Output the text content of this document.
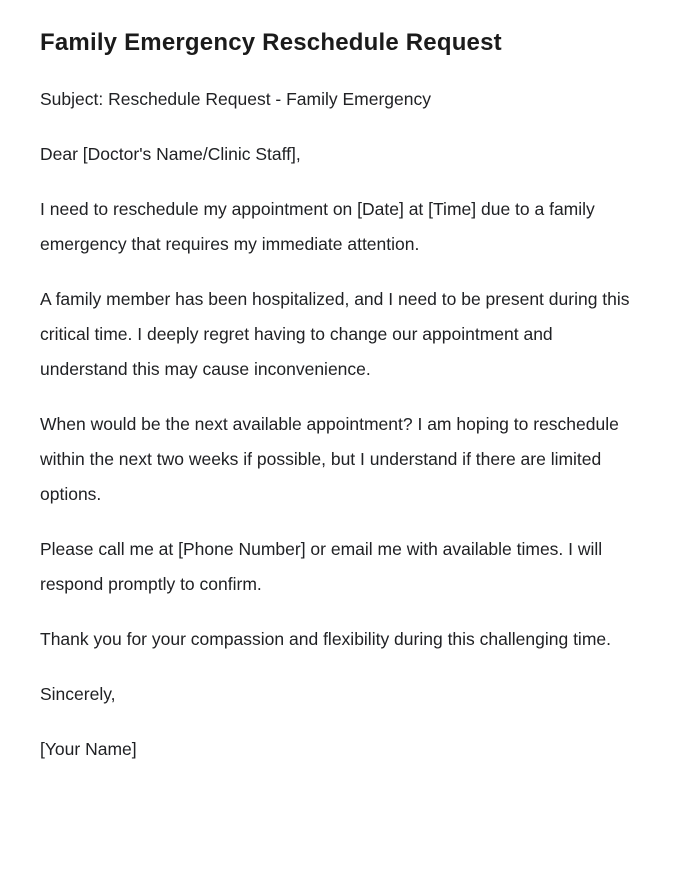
Family Emergency Reschedule Request

Subject: Reschedule Request - Family Emergency

Dear [Doctor's Name/Clinic Staff],

I need to reschedule my appointment on [Date] at [Time] due to a family emergency that requires my immediate attention.

A family member has been hospitalized, and I need to be present during this critical time. I deeply regret having to change our appointment and understand this may cause inconvenience.

When would be the next available appointment? I am hoping to reschedule within the next two weeks if possible, but I understand if there are limited options.

Please call me at [Phone Number] or email me with available times. I will respond promptly to confirm.

Thank you for your compassion and flexibility during this challenging time.

Sincerely,

[Your Name]
